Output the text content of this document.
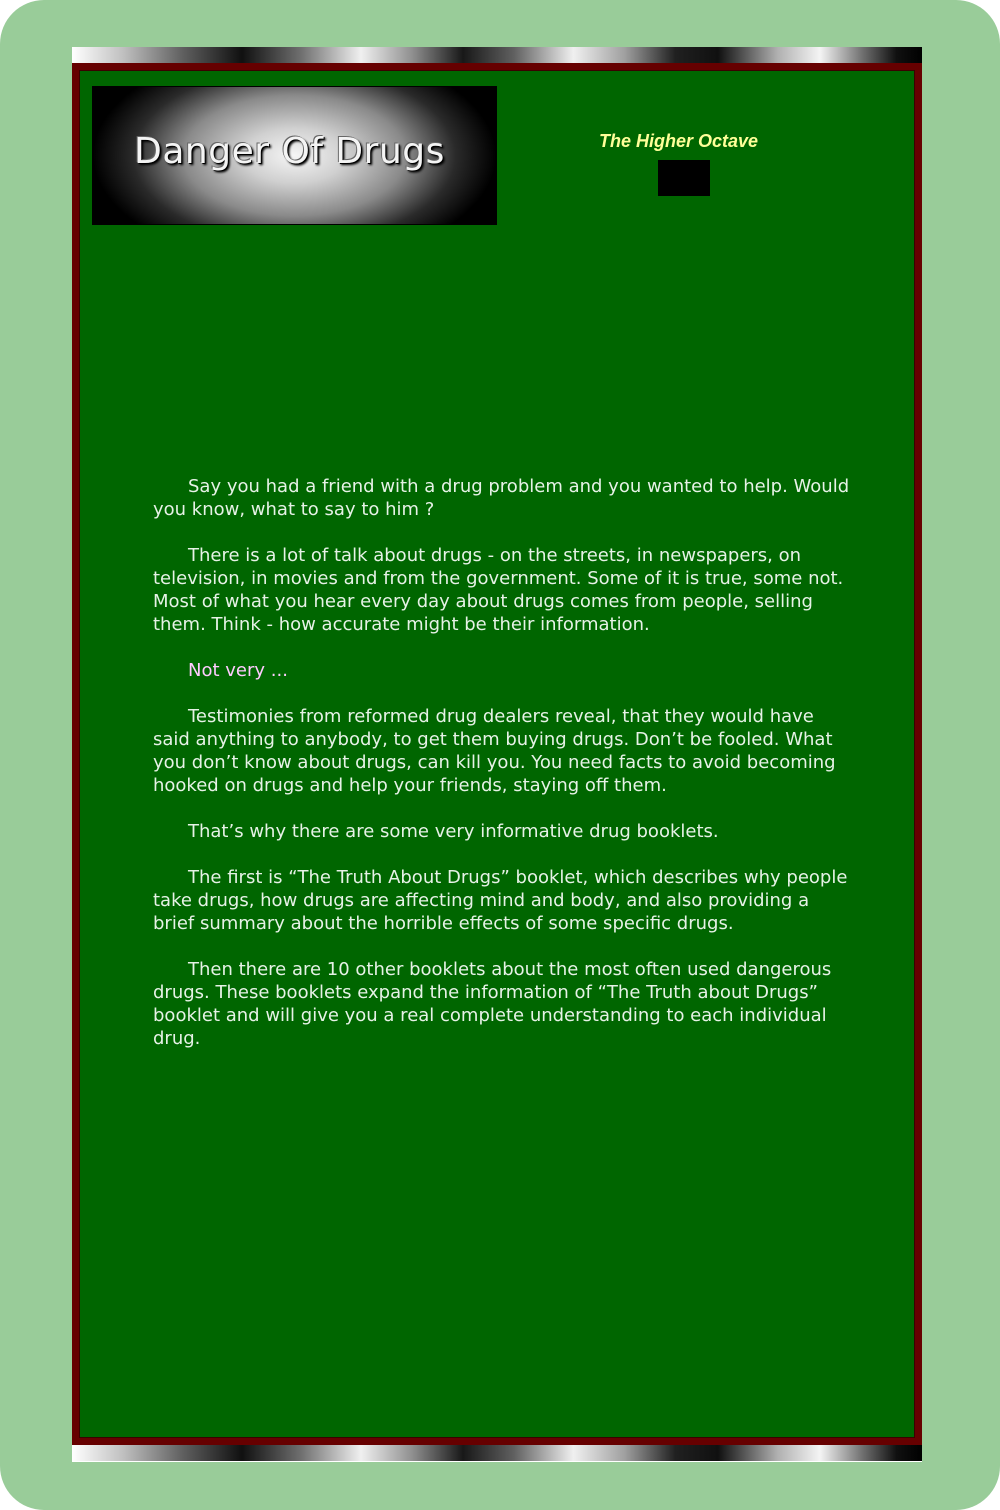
Danger Of Drugs	The Higher Octave

Say you had a friend with a drug problem and you wanted to help. Would you know, what to say to him ?

There is a lot of talk about drugs - on the streets, in newspapers, on television, in movies and from the government. Some of it is true, some not. Most of what you hear every day about drugs comes from people, selling them. Think - how accurate might be their information.

Not very ...

Testimonies from reformed drug dealers reveal, that they would have said anything to anybody, to get them buying drugs. Don’t be fooled. What you don’t know about drugs, can kill you. You need facts to avoid becoming hooked on drugs and help your friends, staying off them.

That’s why there are some very informative drug booklets.

The first is “The Truth About Drugs” booklet, which describes why people take drugs, how drugs are affecting mind and body, and also providing a brief summary about the horrible effects of some specific drugs.

Then there are 10 other booklets about the most often used dangerous drugs. These booklets expand the information of “The Truth about Drugs” booklet and will give you a real complete understanding to each individual drug.
